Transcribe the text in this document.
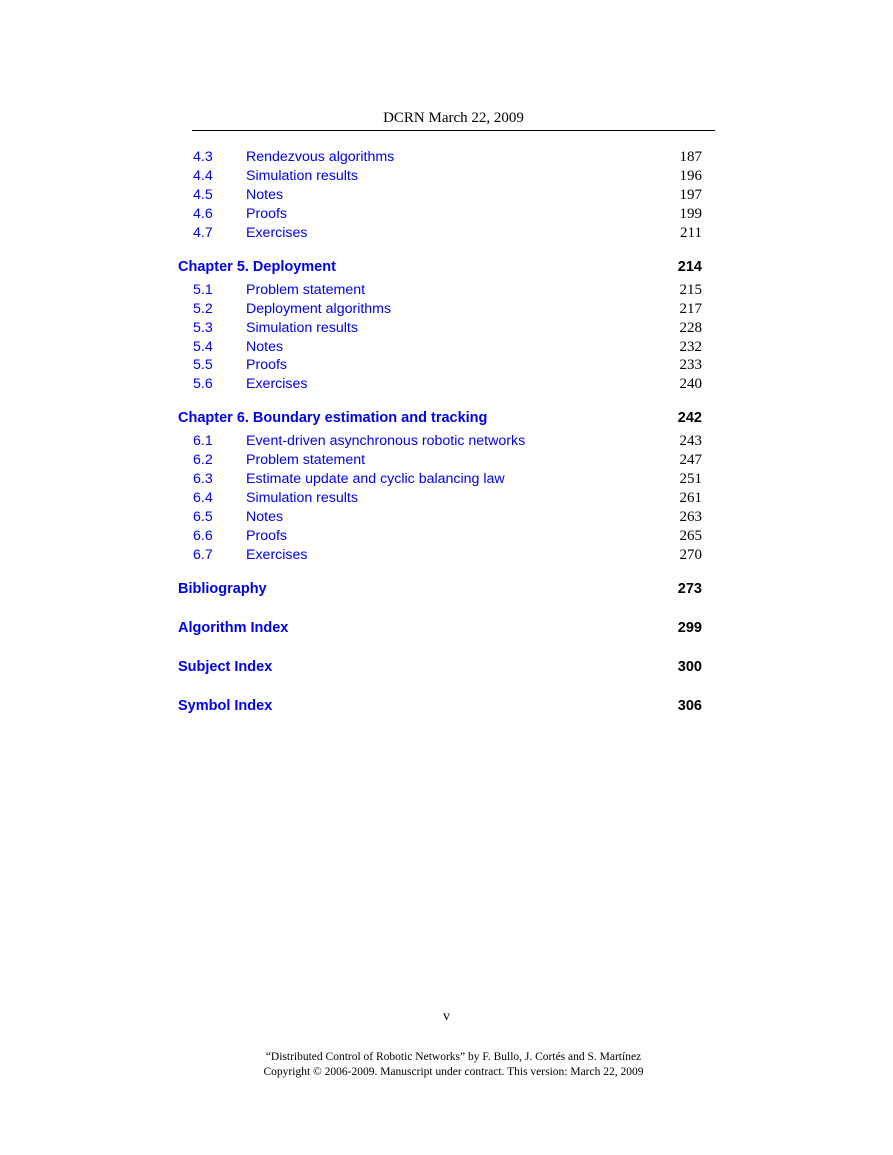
DCRN March 22, 2009
4.3 Rendezvous algorithms	187
4.4 Simulation results	196
4.5 Notes	197
4.6 Proofs	199
4.7 Exercises	211
Chapter 5. Deployment	214
5.1 Problem statement	215
5.2 Deployment algorithms	217
5.3 Simulation results	228
5.4 Notes	232
5.5 Proofs	233
5.6 Exercises	240
Chapter 6. Boundary estimation and tracking	242
6.1 Event-driven asynchronous robotic networks	243
6.2 Problem statement	247
6.3 Estimate update and cyclic balancing law	251
6.4 Simulation results	261
6.5 Notes	263
6.6 Proofs	265
6.7 Exercises	270
Bibliography	273
Algorithm Index	299
Subject Index	300
Symbol Index	306
v
“Distributed Control of Robotic Networks” by F. Bullo, J. Cortés and S. Martínez
Copyright © 2006-2009. Manuscript under contract. This version: March 22, 2009
